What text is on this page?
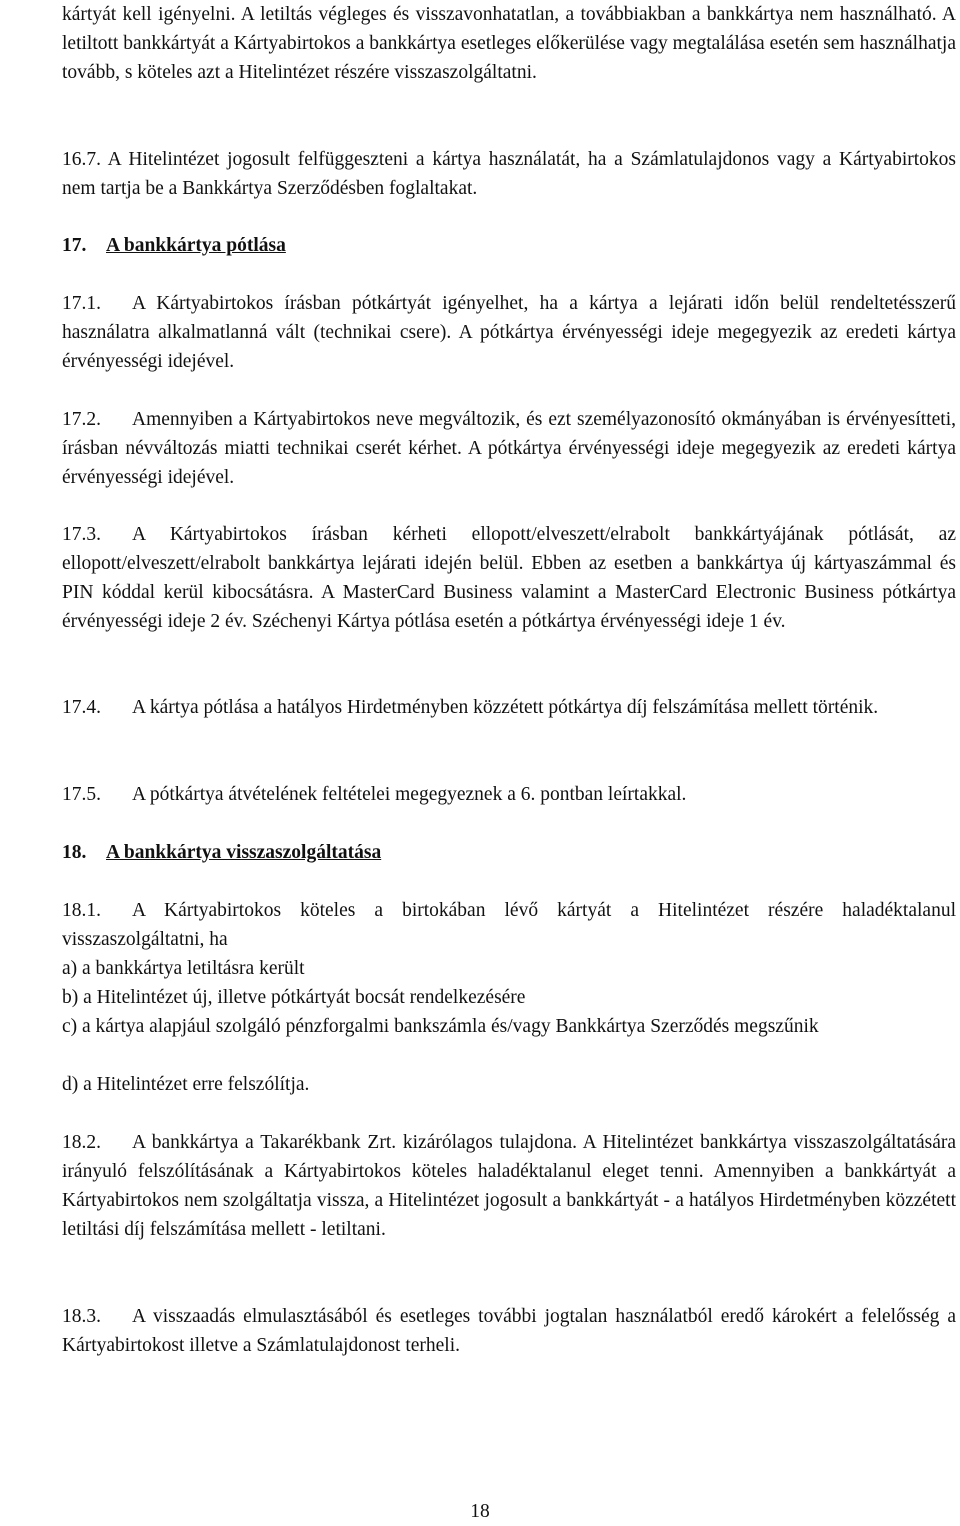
kártyát kell igényelni. A letiltás végleges és visszavonhatatlan, a továbbiakban a bankkártya nem használható. A letiltott bankkártyát a Kártyabirtokos a bankkártya esetleges előkerülése vagy megtalálása esetén sem használhatja tovább, s köteles azt a Hitelintézet részére visszaszolgáltatni.

16.7. A Hitelintézet jogosult felfüggeszteni a kártya használatát, ha a Számlatulajdonos vagy a Kártyabirtokos nem tartja be a Bankkártya Szerződésben foglaltakat.

17. A bankkártya pótlása
17.1.	A Kártyabirtokos írásban pótkártyát igényelhet, ha a kártya a lejárati időn belül rendeltetésszerű használatra alkalmatlanná vált (technikai csere). A pótkártya érvényességi ideje megegyezik az eredeti kártya érvényességi idejével.

17.2.	Amennyiben a Kártyabirtokos neve megváltozik, és ezt személyazonosító okmányában is érvényesítteti, írásban névváltozás miatti technikai cserét kérhet. A pótkártya érvényességi ideje megegyezik az eredeti kártya érvényességi idejével.

17.3.	A Kártyabirtokos írásban kérheti ellopott/elveszett/elrabolt bankkártyájának pótlását, az ellopott/elveszett/elrabolt bankkártya lejárati idején belül. Ebben az esetben a bankkártya új kártyaszámmal és PIN kóddal kerül kibocsátásra. A MasterCard Business valamint a MasterCard Electronic Business pótkártya érvényességi ideje 2 év. Széchenyi Kártya pótlása esetén a pótkártya érvényességi ideje 1 év.

17.4.	A kártya pótlása a hatályos Hirdetményben közzétett pótkártya díj felszámítása mellett történik.

17.5.	A pótkártya átvételének feltételei megegyeznek a 6. pontban leírtakkal.

18. A bankkártya visszaszolgáltatása
18.1.	A Kártyabirtokos köteles a birtokában lévő kártyát a Hitelintézet részére haladéktalanul visszaszolgáltatni, ha

a) a bankkártya letiltásra került
b) a Hitelintézet új, illetve pótkártyát bocsát rendelkezésére
c) a kártya alapjául szolgáló pénzforgalmi bankszámla és/vagy Bankkártya Szerződés megszűnik
d) a Hitelintézet erre felszólítja.
18.2.	A bankkártya a Takarékbank Zrt. kizárólagos tulajdona. A Hitelintézet bankkártya visszaszolgáltatására irányuló felszólításának a Kártyabirtokos köteles haladéktalanul eleget tenni. Amennyiben a bankkártyát a Kártyabirtokos nem szolgáltatja vissza, a Hitelintézet jogosult a bankkártyát - a hatályos Hirdetményben közzétett letiltási díj felszámítása mellett - letiltani.

18.3.	A visszaadás elmulasztásából és esetleges további jogtalan használatból eredő károkért a felelősség a Kártyabirtokost illetve a Számlatulajdonost terheli.

18
